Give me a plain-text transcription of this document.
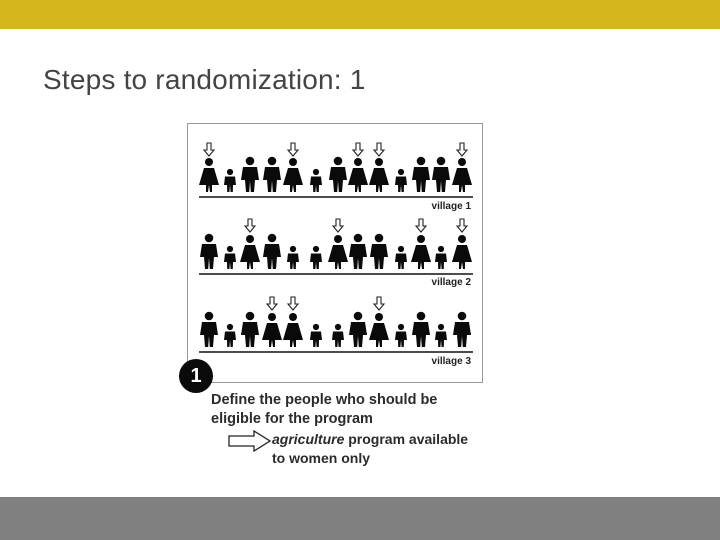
Steps to randomization: 1
village 1
village 2
village 3
1
Define the people who should be
eligible for the program
agriculture program available
to women only
